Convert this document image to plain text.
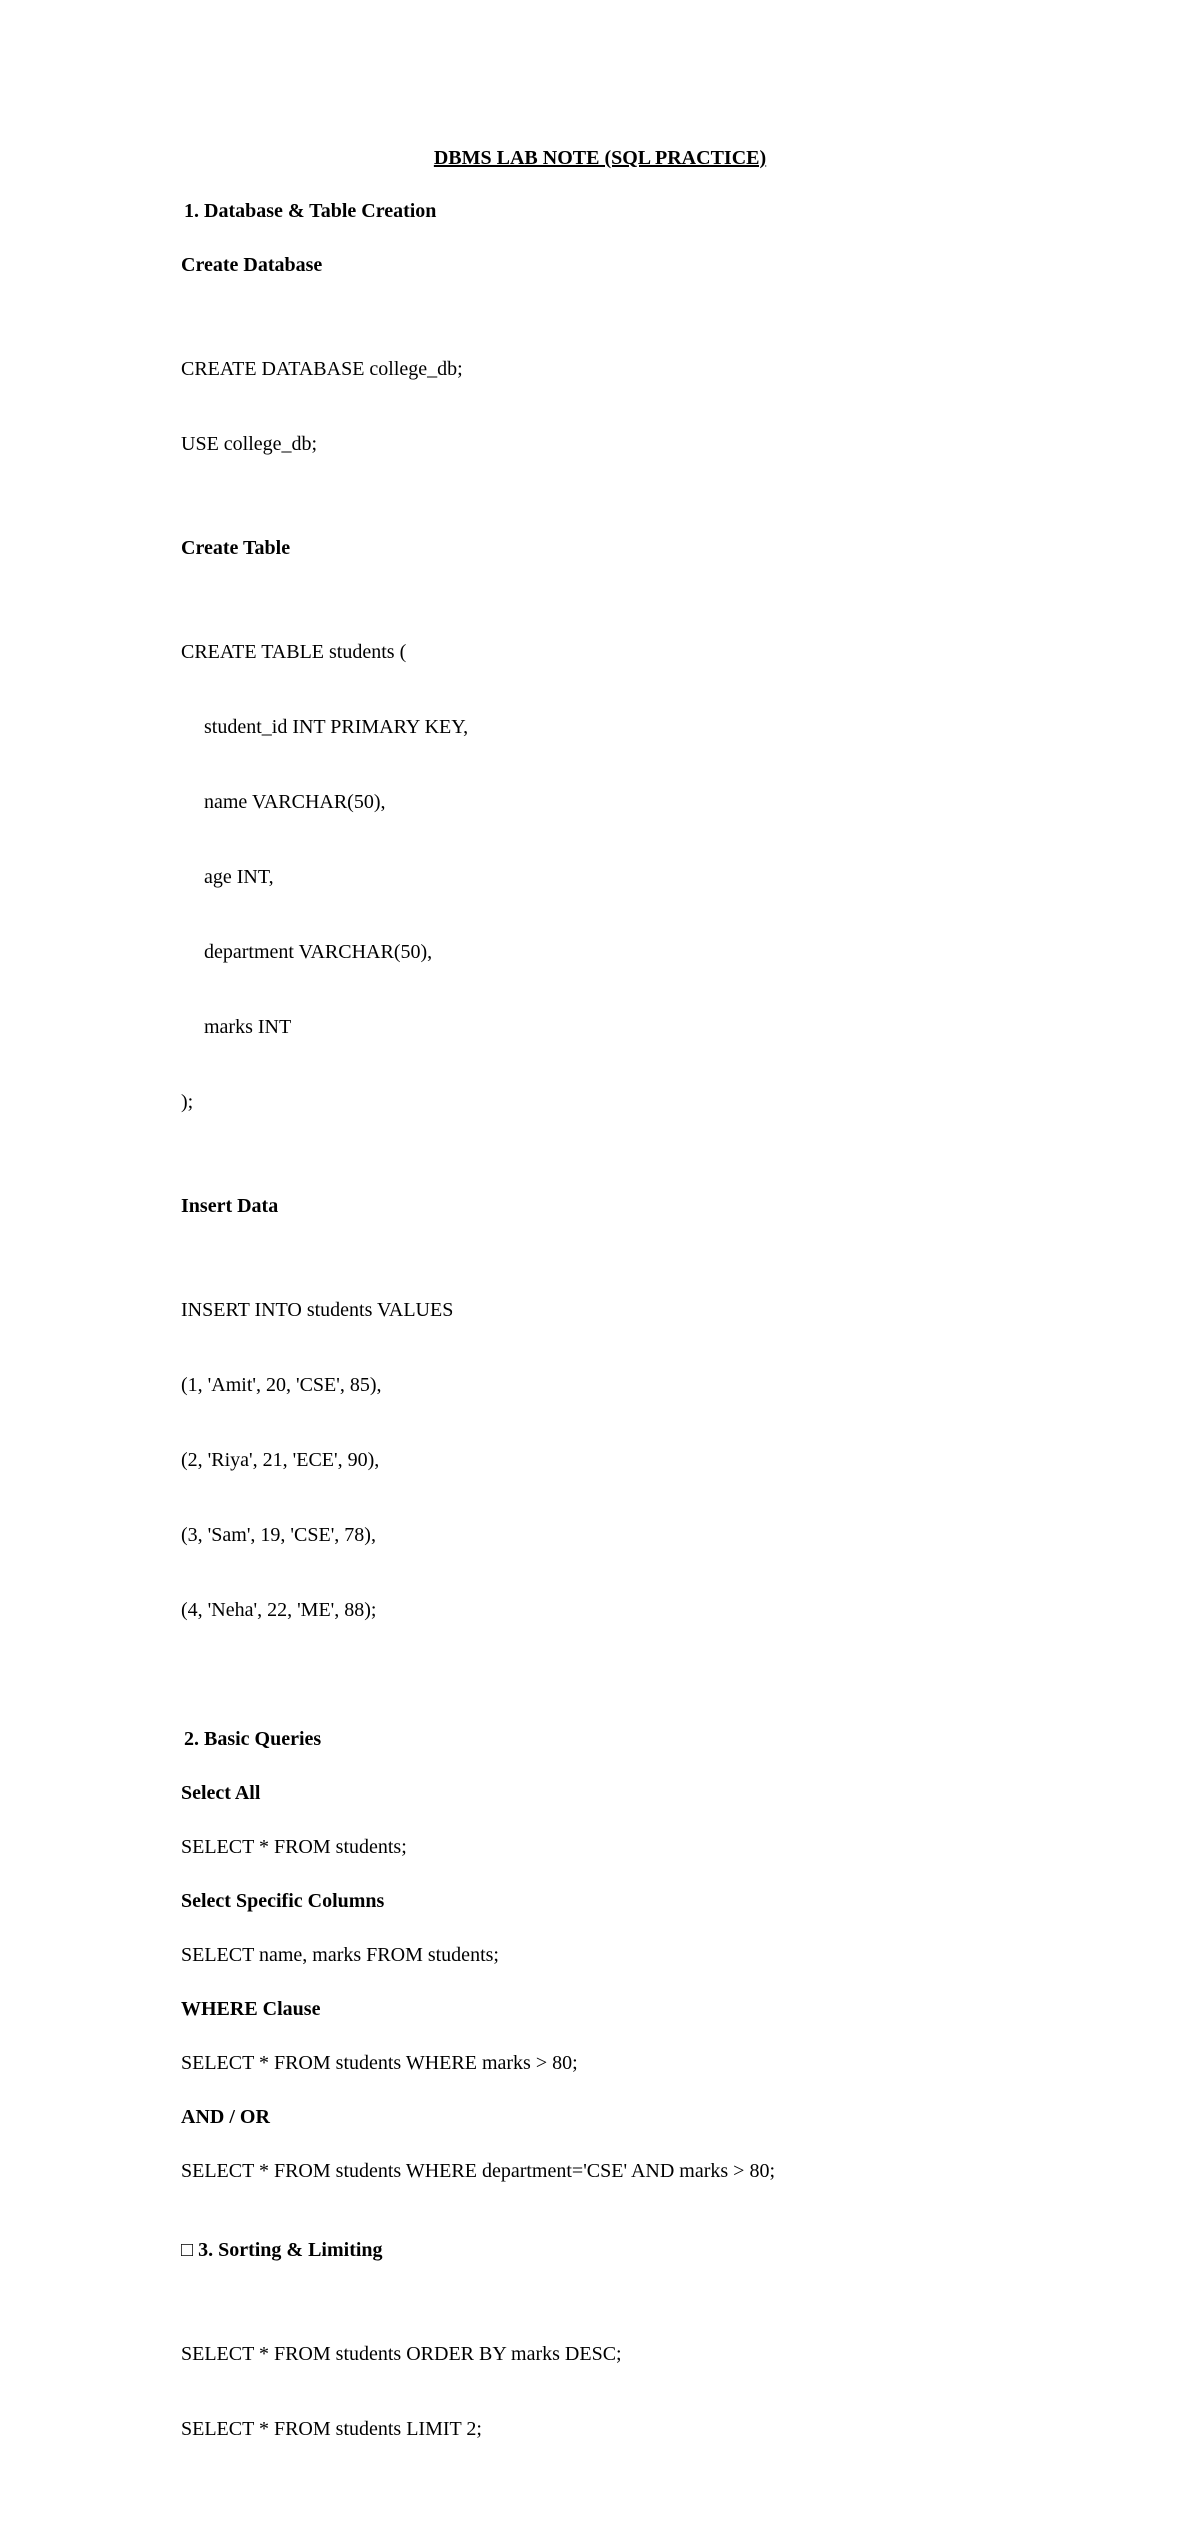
DBMS LAB NOTE (SQL PRACTICE)
1. Database & Table Creation
Create Database

CREATE DATABASE college_db;

USE college_db;

Create Table

CREATE TABLE students (

student_id INT PRIMARY KEY,

name VARCHAR(50),

age INT,

department VARCHAR(50),

marks INT

);

Insert Data

INSERT INTO students VALUES

(1, 'Amit', 20, 'CSE', 85),

(2, 'Riya', 21, 'ECE', 90),

(3, 'Sam', 19, 'CSE', 78),

(4, 'Neha', 22, 'ME', 88);

2. Basic Queries
Select All
SELECT * FROM students;
Select Specific Columns
SELECT name, marks FROM students;
WHERE Clause
SELECT * FROM students WHERE marks > 80;
AND / OR
SELECT * FROM students WHERE department='CSE' AND marks > 80;
□ 3. Sorting & Limiting

SELECT * FROM students ORDER BY marks DESC;

SELECT * FROM students LIMIT 2;
